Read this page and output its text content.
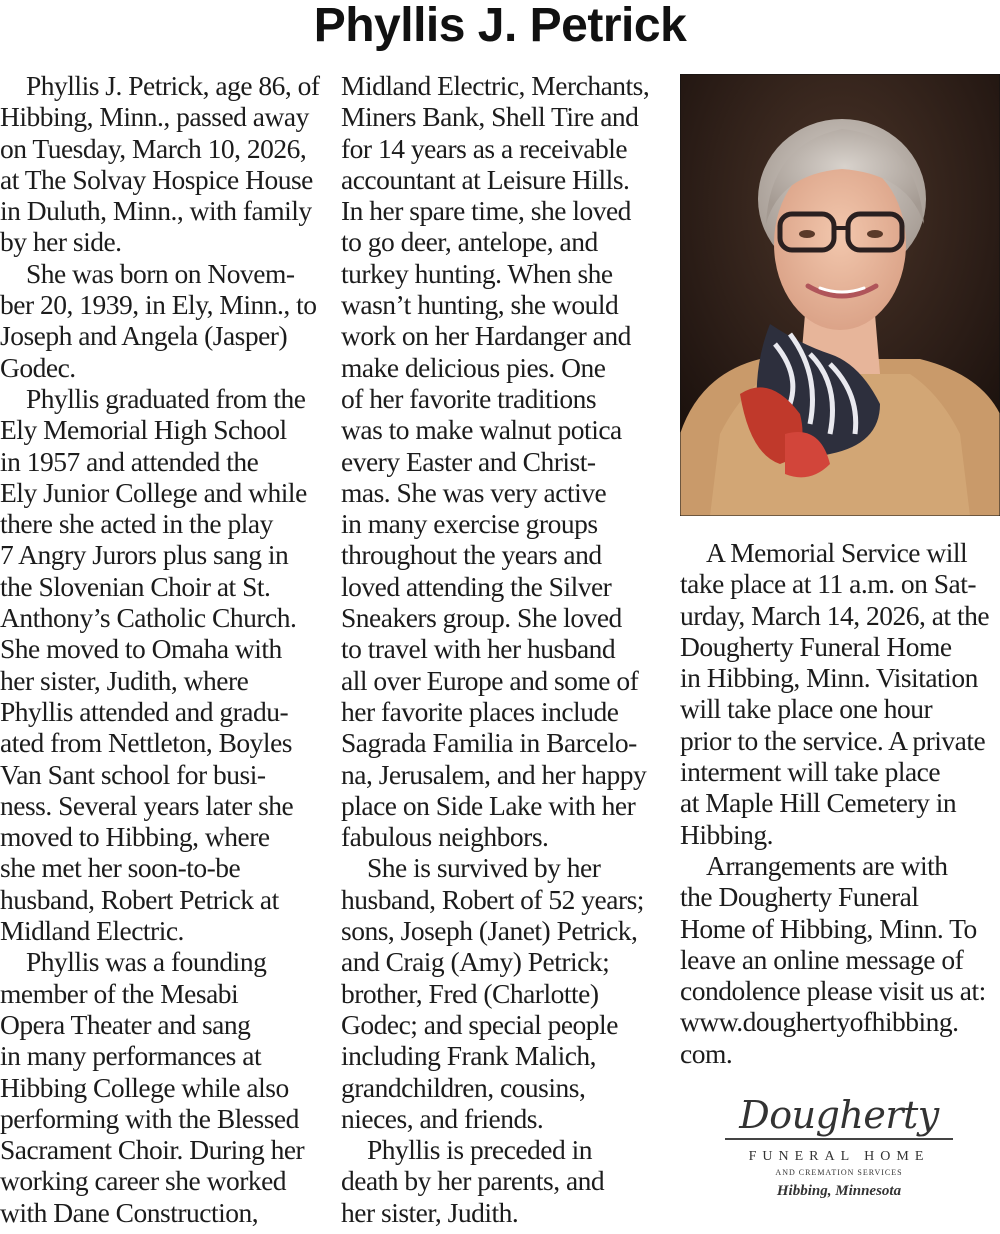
Phyllis J. Petrick

Phyllis J. Petrick, age 86, of
Hibbing, Minn., passed away
on Tuesday, March 10, 2026,
at The Solvay Hospice House
in Duluth, Minn., with family
by her side.

She was born on Novem-
ber 20, 1939, in Ely, Minn., to
Joseph and Angela (Jasper)
Godec.

Phyllis graduated from the
Ely Memorial High School
in 1957 and attended the
Ely Junior College and while
there she acted in the play
7 Angry Jurors plus sang in
the Slovenian Choir at St.
Anthony’s Catholic Church.
She moved to Omaha with
her sister, Judith, where
Phyllis attended and gradu-
ated from Nettleton, Boyles
Van Sant school for busi-
ness. Several years later she
moved to Hibbing, where
she met her soon-to-be
husband, Robert Petrick at
Midland Electric.

Phyllis was a founding
member of the Mesabi
Opera Theater and sang
in many performances at
Hibbing College while also
performing with the Blessed
Sacrament Choir. During her
working career she worked
with Dane Construction,

Midland Electric, Merchants,
Miners Bank, Shell Tire and
for 14 years as a receivable
accountant at Leisure Hills.
In her spare time, she loved
to go deer, antelope, and
turkey hunting. When she
wasn’t hunting, she would
work on her Hardanger and
make delicious pies. One
of her favorite traditions
was to make walnut potica
every Easter and Christ-
mas. She was very active
in many exercise groups
throughout the years and
loved attending the Silver
Sneakers group. She loved
to travel with her husband
all over Europe and some of
her favorite places include
Sagrada Familia in Barcelo-
na, Jerusalem, and her happy
place on Side Lake with her
fabulous neighbors.

She is survived by her
husband, Robert of 52 years;
sons, Joseph (Janet) Petrick,
and Craig (Amy) Petrick;
brother, Fred (Charlotte)
Godec; and special people
including Frank Malich,
grandchildren, cousins,
nieces, and friends.

Phyllis is preceded in
death by her parents, and
her sister, Judith.

A Memorial Service will
take place at 11 a.m. on Sat-
urday, March 14, 2026, at the
Dougherty Funeral Home
in Hibbing, Minn. Visitation
will take place one hour
prior to the service. A private
interment will take place
at Maple Hill Cemetery in
Hibbing.

Arrangements are with
the Dougherty Funeral
Home of Hibbing, Minn. To
leave an online message of
condolence please visit us at:
www.doughertyofhibbing.
com.

Dougherty
FUNERAL HOME
AND CREMATION SERVICES
Hibbing, Minnesota
